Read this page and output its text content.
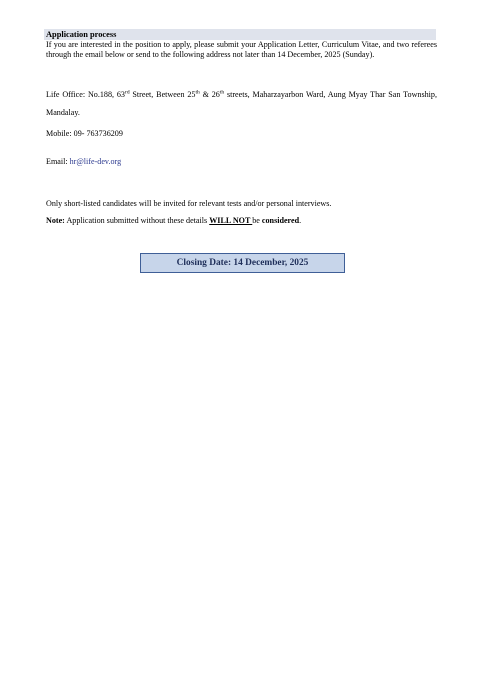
Application process
If you are interested in the position to apply, please submit your Application Letter, Curriculum Vitae, and two referees through the email below or send to the following address not later than 14 December, 2025 (Sunday).
Life Office: No.188, 63rd Street, Between 25th & 26th streets, Maharzayarbon Ward, Aung Myay Thar San Township, Mandalay.
Mobile: 09- 763736209
Email: hr@life-dev.org
Only short-listed candidates will be invited for relevant tests and/or personal interviews.
Note: Application submitted without these details WILL NOT be considered.
Closing Date: 14 December, 2025
